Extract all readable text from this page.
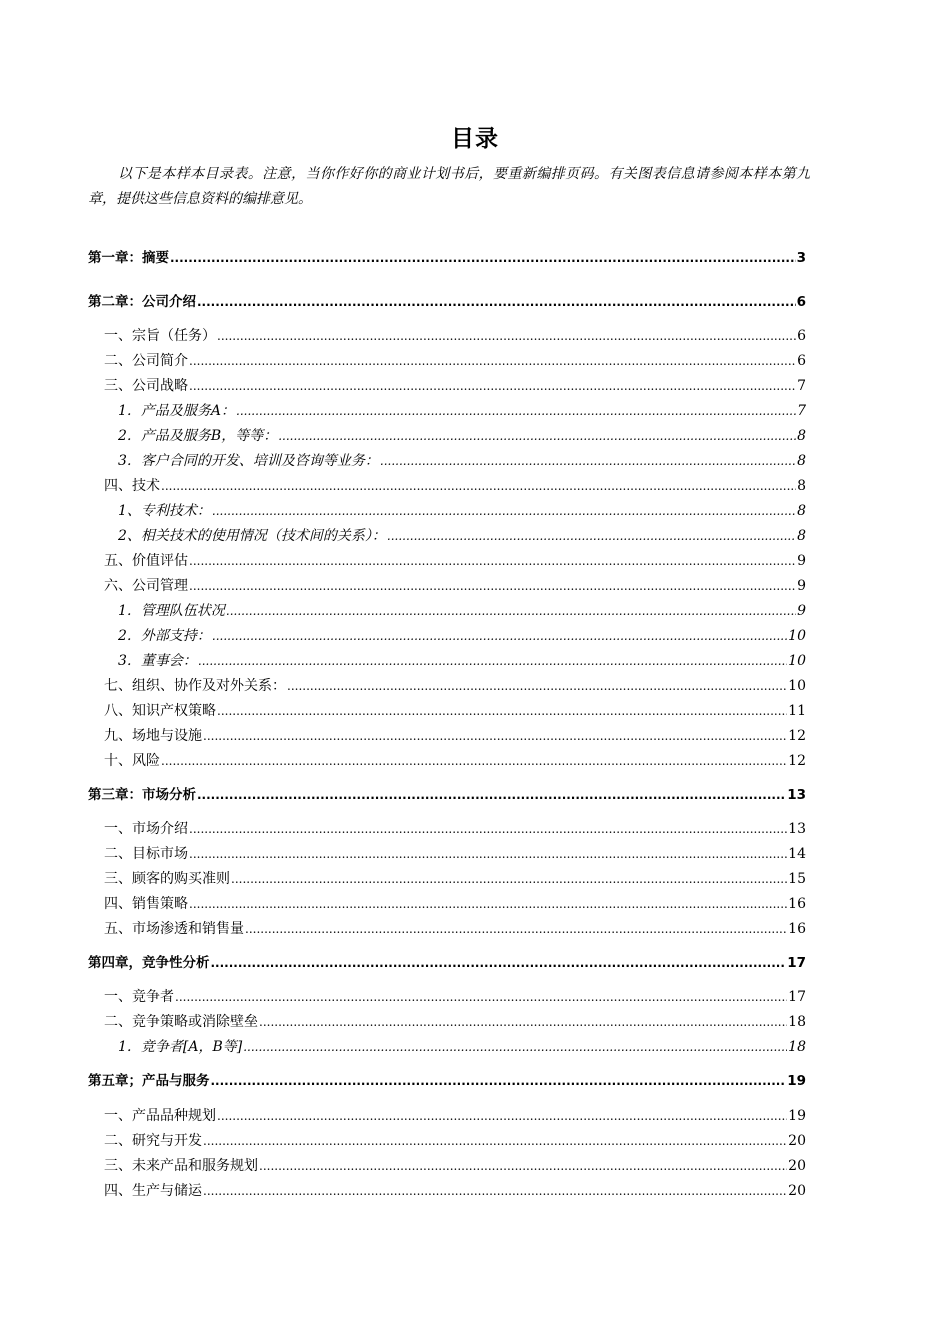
目录
以下是本样本目录表。注意，当你作好你的商业计划书后，要重新编排页码。有关图表信息请参阅本样本第九章，提供这些信息资料的编排意见。
第一章：摘要 .....	3
第二章：公司介绍 .....	6
一、宗旨（任务） .....	6
二、公司简介 .....	6
三、公司战略 .....	7
1．产品及服务A： .....	7
2．产品及服务B，等等： .....	8
3．客户合同的开发、培训及咨询等业务： .....	8
四、技术 .....	8
1、专利技术： .....	8
2、相关技术的使用情况（技术间的关系）： .....	8
五、价值评估 .....	9
六、公司管理 .....	9
1．管理队伍状况 .....	9
2．外部支持： .....	10
3．董事会： .....	10
七、组织、协作及对外关系： .....	10
八、知识产权策略 .....	11
九、场地与设施 .....	12
十、风险 .....	12
第三章：市场分析 .....	13
一、市场介绍 .....	13
二、目标市场 .....	14
三、顾客的购买准则 .....	15
四、销售策略 .....	16
五、市场渗透和销售量 .....	16
第四章，竞争性分析 .....	17
一、竞争者 .....	17
二、竞争策略或消除壁垒 .....	18
1．竞争者[A，B等] .....	18
第五章；产品与服务 .....	19
一、产品品种规划 .....	19
二、研究与开发 .....	20
三、未来产品和服务规划 .....	20
四、生产与储运 .....	20
